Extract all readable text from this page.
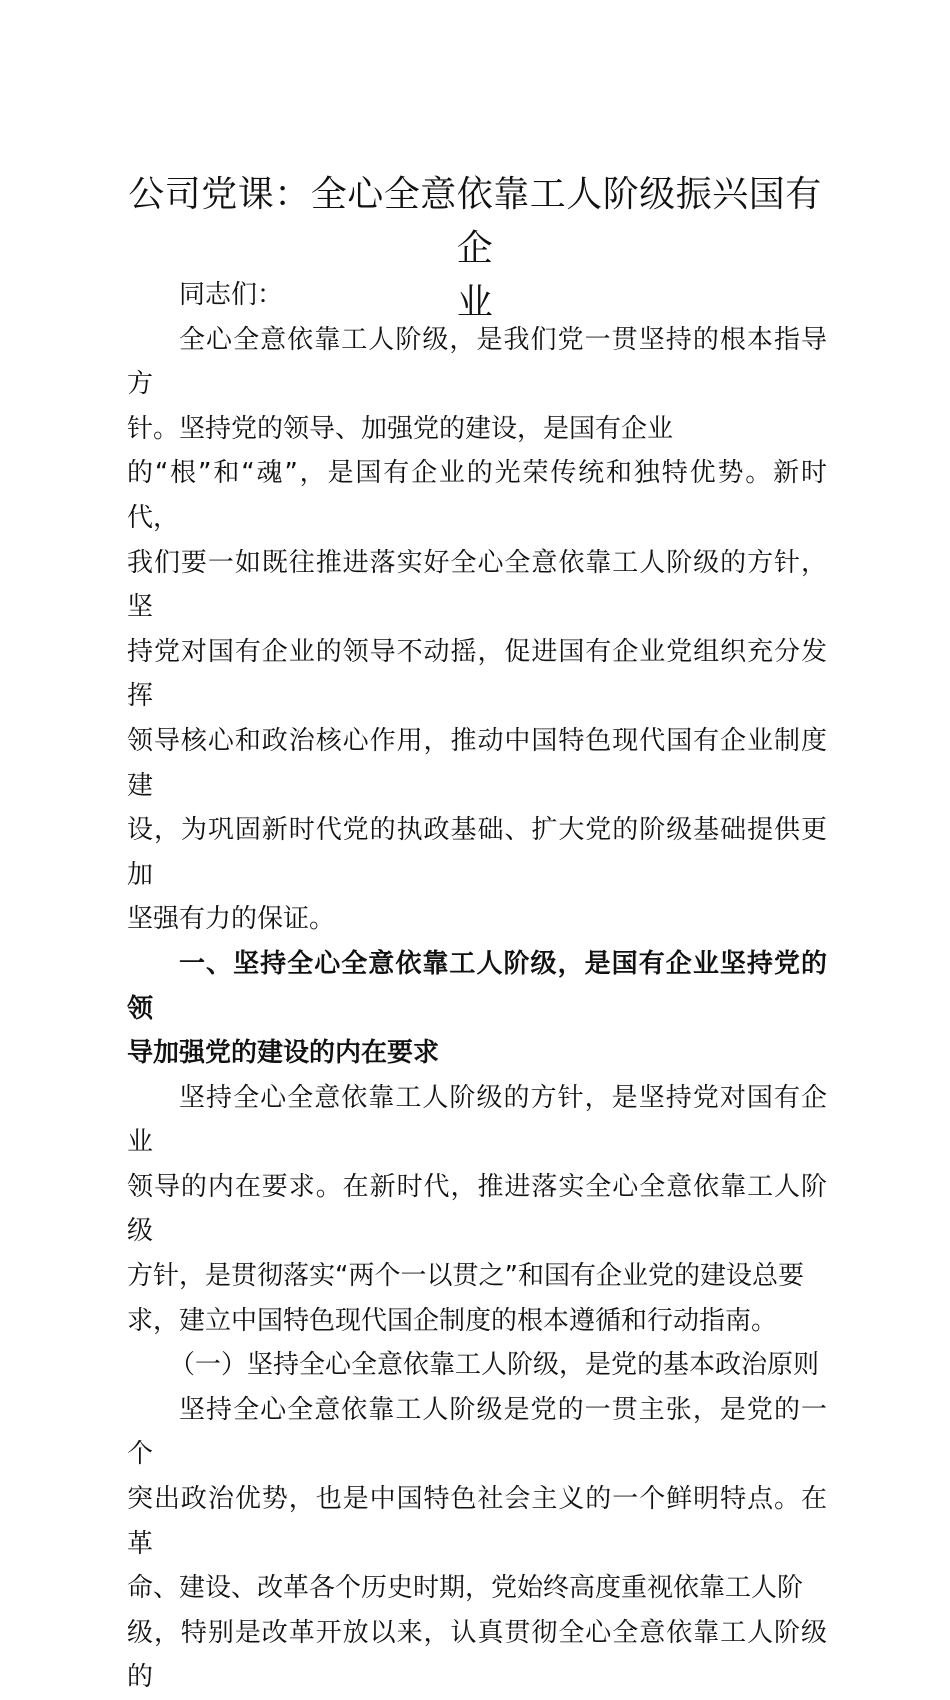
公司党课：全心全意依靠工人阶级振兴国有企
业

同志们：

全心全意依靠工人阶级，是我们党一贯坚持的根本指导方
针。坚持党的领导、加强党的建设，是国有企业
的“根”和“魂”，是国有企业的光荣传统和独特优势。新时代，
我们要一如既往推进落实好全心全意依靠工人阶级的方针，坚
持党对国有企业的领导不动摇，促进国有企业党组织充分发挥
领导核心和政治核心作用，推动中国特色现代国有企业制度建
设，为巩固新时代党的执政基础、扩大党的阶级基础提供更加
坚强有力的保证。

一、坚持全心全意依靠工人阶级，是国有企业坚持党的领
导加强党的建设的内在要求

坚持全心全意依靠工人阶级的方针，是坚持党对国有企业
领导的内在要求。在新时代，推进落实全心全意依靠工人阶级
方针，是贯彻落实“两个一以贯之”和国有企业党的建设总要
求，建立中国特色现代国企制度的根本遵循和行动指南。

（一）坚持全心全意依靠工人阶级，是党的基本政治原则

坚持全心全意依靠工人阶级是党的一贯主张，是党的一个
突出政治优势，也是中国特色社会主义的一个鲜明特点。在革
命、建设、改革各个历史时期，党始终高度重视依靠工人阶
级，特别是改革开放以来，认真贯彻全心全意依靠工人阶级的
